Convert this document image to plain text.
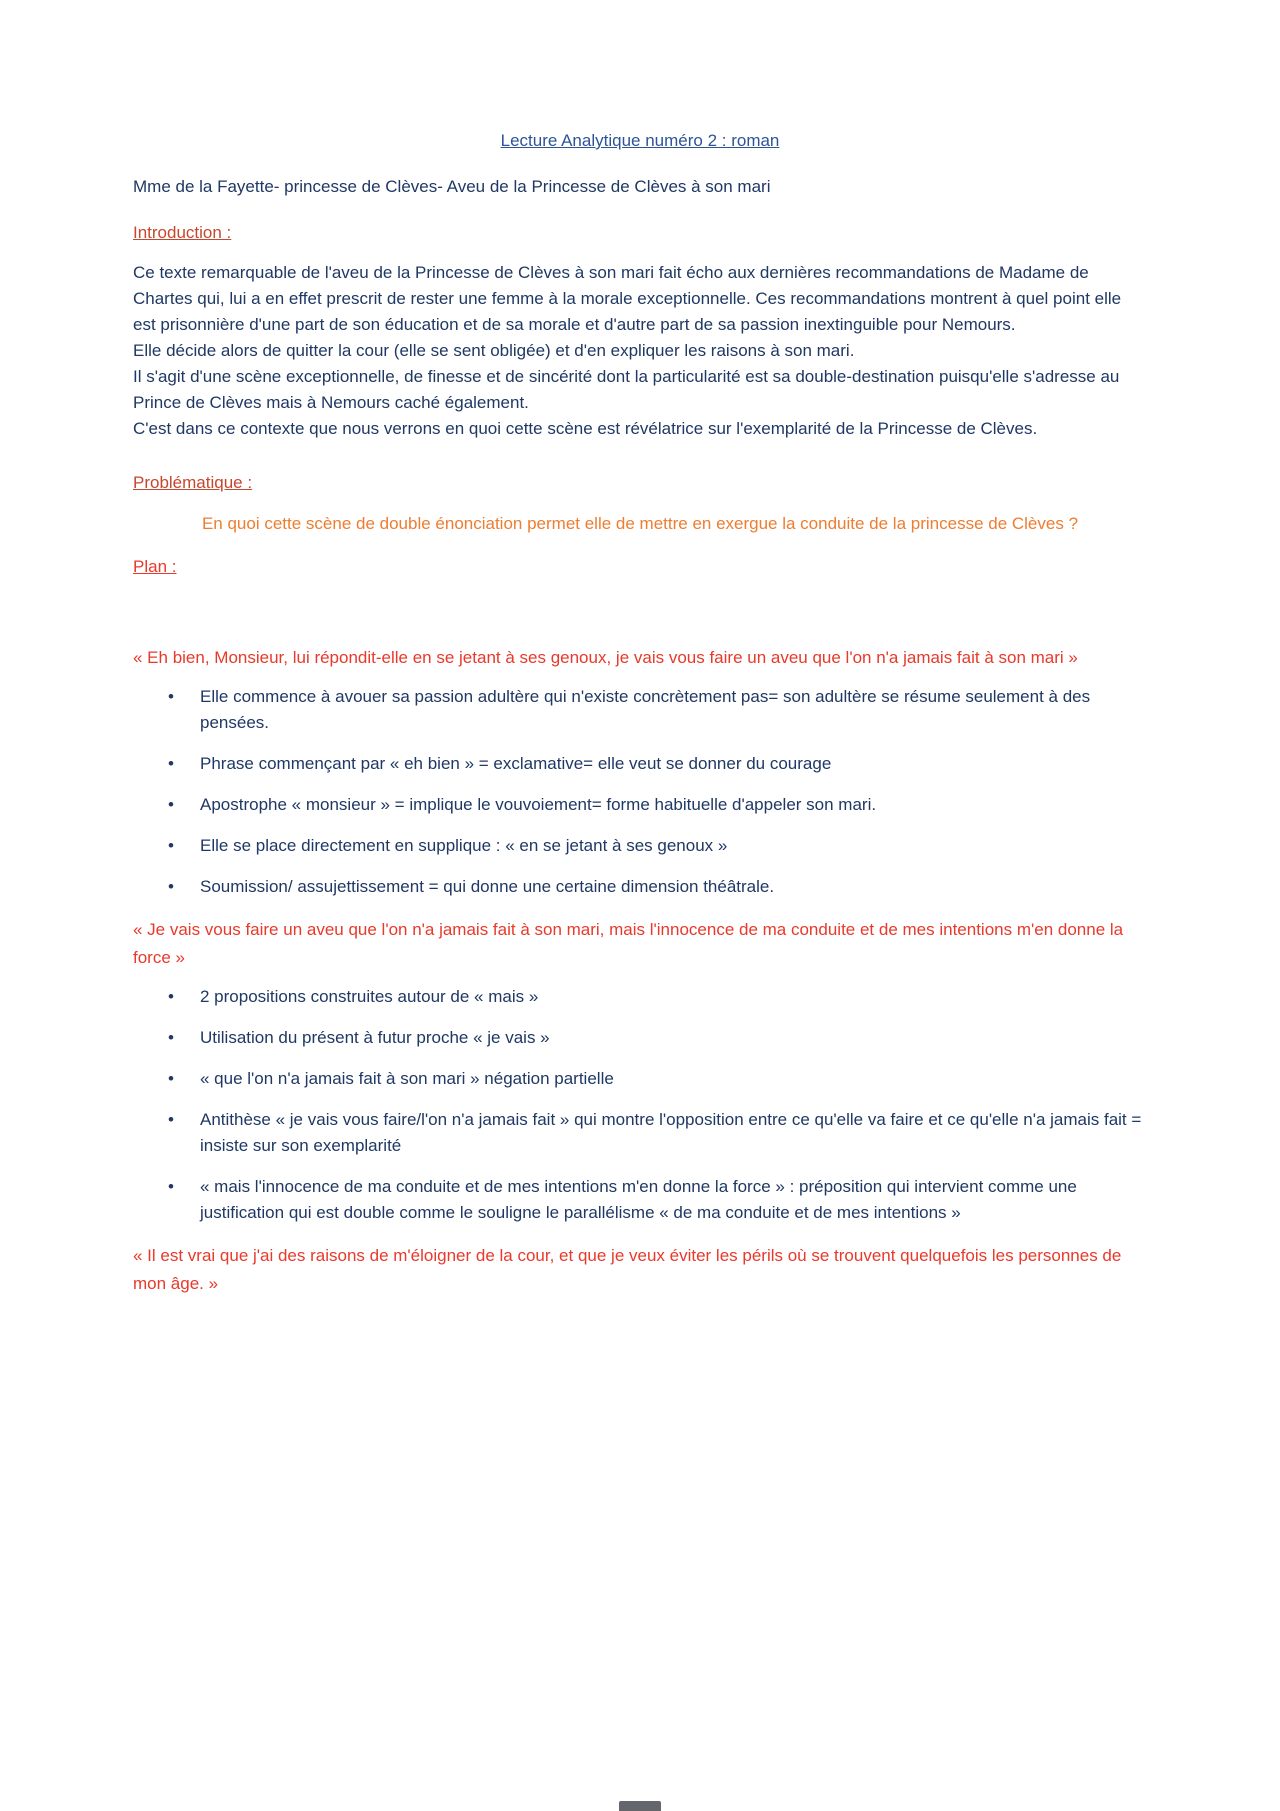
Lecture Analytique numéro 2 : roman
Mme de la Fayette- princesse de Clèves- Aveu de la Princesse de Clèves à son mari
Introduction :
Ce texte remarquable de l'aveu de la Princesse de Clèves à son mari fait écho aux dernières recommandations de Madame de Chartes qui, lui a en effet prescrit de rester une femme à la morale exceptionnelle. Ces recommandations montrent à quel point elle est prisonnière d'une part de son éducation et de sa morale et d'autre part de sa passion inextinguible pour Nemours.
Elle décide alors de quitter la cour (elle se sent obligée) et d'en expliquer les raisons à son mari.
Il s'agit d'une scène exceptionnelle, de finesse et de sincérité dont la particularité est sa double-destination puisqu'elle s'adresse au Prince de Clèves mais à Nemours caché également.
C'est dans ce contexte que nous verrons en quoi cette scène est révélatrice sur l'exemplarité de la Princesse de Clèves.
Problématique :
En quoi cette scène de double énonciation permet elle de mettre en exergue la conduite de la princesse de Clèves ?
Plan :
« Eh bien, Monsieur, lui répondit-elle en se jetant à ses genoux, je vais vous faire un aveu que l'on n'a jamais fait à son mari »
• Elle commence à avouer sa passion adultère qui n'existe concrètement pas= son adultère se résume seulement à des pensées.
• Phrase commençant par « eh bien » = exclamative= elle veut se donner du courage
• Apostrophe « monsieur » = implique le vouvoiement= forme habituelle d'appeler son mari.
• Elle se place directement en supplique : « en se jetant à ses genoux »
• Soumission/ assujettissement = qui donne une certaine dimension théâtrale.
« Je vais vous faire un aveu que l'on n'a jamais fait à son mari, mais l'innocence de ma conduite et de mes intentions m'en donne la force »
• 2 propositions construites autour de « mais »
• Utilisation du présent à futur proche « je vais »
• « que l'on n'a jamais fait à son mari » négation partielle
• Antithèse « je vais vous faire/l'on n'a jamais fait » qui montre l'opposition entre ce qu'elle va faire et ce qu'elle n'a jamais fait = insiste sur son exemplarité
• « mais l'innocence de ma conduite et de mes intentions m'en donne la force » : préposition qui intervient comme une justification qui est double comme le souligne le parallélisme « de ma conduite et de mes intentions »
« Il est vrai que j'ai des raisons de m'éloigner de la cour, et que je veux éviter les périls où se trouvent quelquefois les personnes de mon âge. »
